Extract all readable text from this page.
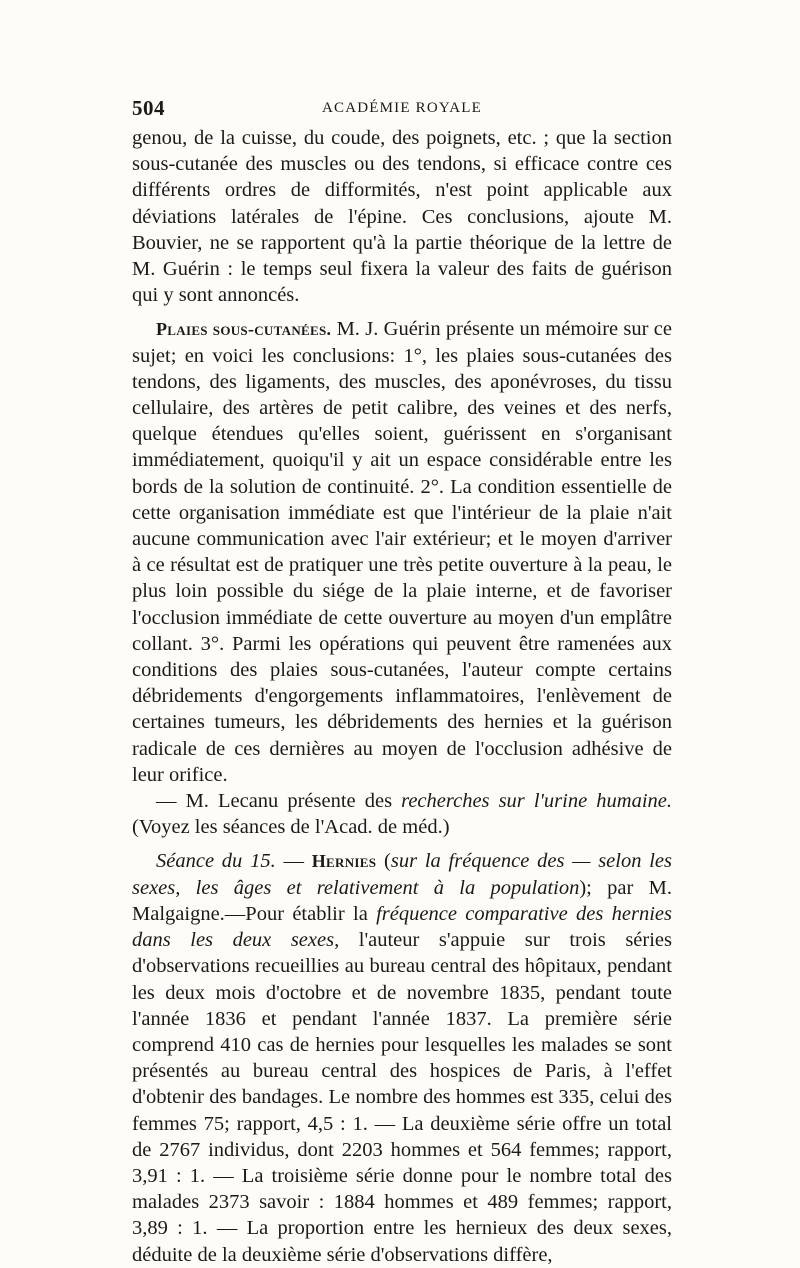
504	ACADÉMIE ROYALE

genou, de la cuisse, du coude, des poignets, etc. ; que la section sous-cutanée des muscles ou des tendons, si efficace contre ces différents ordres de difformités, n'est point applicable aux déviations latérales de l'épine. Ces conclusions, ajoute M. Bouvier, ne se rapportent qu'à la partie théorique de la lettre de M. Guérin : le temps seul fixera la valeur des faits de guérison qui y sont annoncés.

Plaies sous-cutanées. M. J. Guérin présente un mémoire sur ce sujet; en voici les conclusions: 1°, les plaies sous-cutanées des tendons, des ligaments, des muscles, des aponévroses, du tissu cellulaire, des artères de petit calibre, des veines et des nerfs, quelque étendues qu'elles soient, guérissent en s'organisant immédiatement, quoiqu'il y ait un espace considérable entre les bords de la solution de continuité. 2°. La condition essentielle de cette organisation immédiate est que l'intérieur de la plaie n'ait aucune communication avec l'air extérieur; et le moyen d'arriver à ce résultat est de pratiquer une très petite ouverture à la peau, le plus loin possible du siége de la plaie interne, et de favoriser l'occlusion immédiate de cette ouverture au moyen d'un emplâtre collant. 3°. Parmi les opérations qui peuvent être ramenées aux conditions des plaies sous-cutanées, l'auteur compte certains débridements d'engorgements inflammatoires, l'enlèvement de certaines tumeurs, les débridements des hernies et la guérison radicale de ces dernières au moyen de l'occlusion adhésive de leur orifice.

— M. Lecanu présente des recherches sur l'urine humaine. (Voyez les séances de l'Acad. de méd.)

Séance du 15. — Hernies (sur la fréquence des — selon les sexes, les âges et relativement à la population); par M. Malgaigne.—Pour établir la fréquence comparative des hernies dans les deux sexes, l'auteur s'appuie sur trois séries d'observations recueillies au bureau central des hôpitaux, pendant les deux mois d'octobre et de novembre 1835, pendant toute l'année 1836 et pendant l'année 1837. La première série comprend 410 cas de hernies pour lesquelles les malades se sont présentés au bureau central des hospices de Paris, à l'effet d'obtenir des bandages. Le nombre des hommes est 335, celui des femmes 75; rapport, 4,5 : 1. — La deuxième série offre un total de 2767 individus, dont 2203 hommes et 564 femmes; rapport, 3,91 : 1. — La troisième série donne pour le nombre total des malades 2373 savoir : 1884 hommes et 489 femmes; rapport, 3,89 : 1. — La proportion entre les hernieux des deux sexes, déduite de la deuxième série d'observations diffère,
